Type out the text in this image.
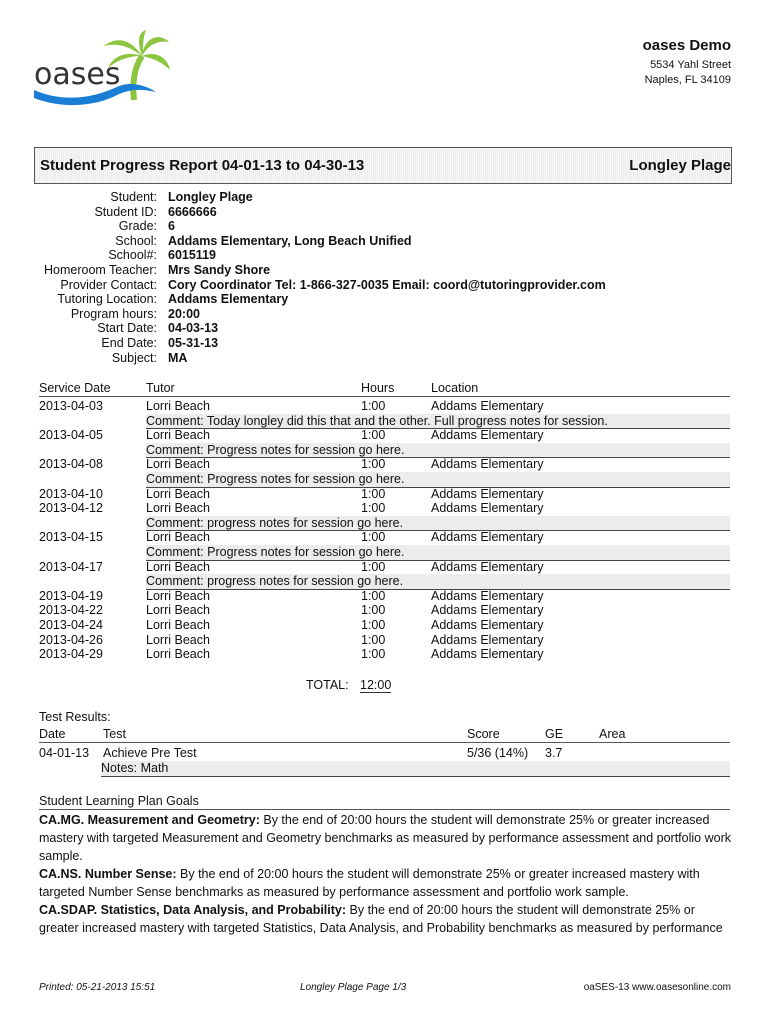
oases
oases Demo
5534 Yahl Street
Naples, FL 34109
Student Progress Report 04-01-13 to 04-30-13	Longley Plage
Student: Longley Plage
Student ID: 6666666
Grade: 6
School: Addams Elementary, Long Beach Unified
School#: 6015119
Homeroom Teacher: Mrs Sandy Shore
Provider Contact: Cory Coordinator Tel: 1-866-327-0035 Email: coord@tutoringprovider.com
Tutoring Location: Addams Elementary
Program hours: 20:00
Start Date: 04-03-13
End Date: 05-31-13
Subject: MA
Service Date	Tutor	Hours	Location
2013-04-03	Lorri Beach	1:00	Addams Elementary
Comment: Today longley did this that and the other. Full progress notes for session.
2013-04-05	Lorri Beach	1:00	Addams Elementary
Comment: Progress notes for session go here.
2013-04-08	Lorri Beach	1:00	Addams Elementary
Comment: Progress notes for session go here.
2013-04-10	Lorri Beach	1:00	Addams Elementary
2013-04-12	Lorri Beach	1:00	Addams Elementary
Comment: progress notes for session go here.
2013-04-15	Lorri Beach	1:00	Addams Elementary
Comment: Progress notes for session go here.
2013-04-17	Lorri Beach	1:00	Addams Elementary
Comment: progress notes for session go here.
2013-04-19	Lorri Beach	1:00	Addams Elementary
2013-04-22	Lorri Beach	1:00	Addams Elementary
2013-04-24	Lorri Beach	1:00	Addams Elementary
2013-04-26	Lorri Beach	1:00	Addams Elementary
2013-04-29	Lorri Beach	1:00	Addams Elementary
TOTAL: 12:00
Test Results:
Date	Test	Score	GE	Area
04-01-13 Achieve Pre Test	5/36 (14%) 3.7
Notes: Math
Student Learning Plan Goals
CA.MG. Measurement and Geometry: By the end of 20:00 hours the student will demonstrate 25% or greater increased mastery with targeted Measurement and Geometry benchmarks as measured by performance assessment and portfolio work sample.
CA.NS. Number Sense: By the end of 20:00 hours the student will demonstrate 25% or greater increased mastery with targeted Number Sense benchmarks as measured by performance assessment and portfolio work sample.
CA.SDAP. Statistics, Data Analysis, and Probability: By the end of 20:00 hours the student will demonstrate 25% or greater increased mastery with targeted Statistics, Data Analysis, and Probability benchmarks as measured by performance
Printed: 05-21-2013 15:51	Longley Plage Page 1/3	oaSES-13 www.oasesonline.com
